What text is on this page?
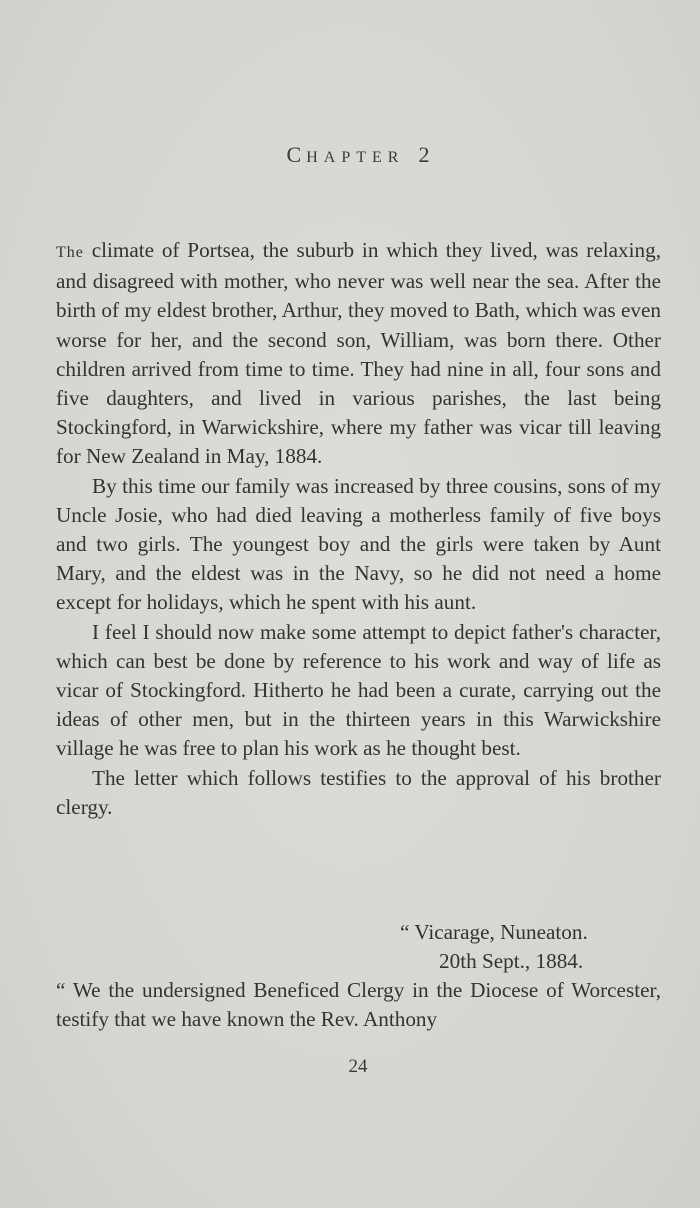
CHAPTER 2

The climate of Portsea, the suburb in which they lived, was relaxing, and disagreed with mother, who never was well near the sea. After the birth of my eldest brother, Arthur, they moved to Bath, which was even worse for her, and the second son, William, was born there. Other children arrived from time to time. They had nine in all, four sons and five daughters, and lived in various parishes, the last being Stockingford, in Warwickshire, where my father was vicar till leaving for New Zealand in May, 1884.

By this time our family was increased by three cousins, sons of my Uncle Josie, who had died leaving a motherless family of five boys and two girls. The youngest boy and the girls were taken by Aunt Mary, and the eldest was in the Navy, so he did not need a home except for holidays, which he spent with his aunt.

I feel I should now make some attempt to depict father's character, which can best be done by reference to his work and way of life as vicar of Stockingford. Hitherto he had been a curate, carrying out the ideas of other men, but in the thirteen years in this Warwickshire village he was free to plan his work as he thought best.

The letter which follows testifies to the approval of his brother clergy.

“ Vicarage, Nuneaton.
20th Sept., 1884.

“ We the undersigned Beneficed Clergy in the Diocese of Worcester, testify that we have known the Rev. Anthony

24
